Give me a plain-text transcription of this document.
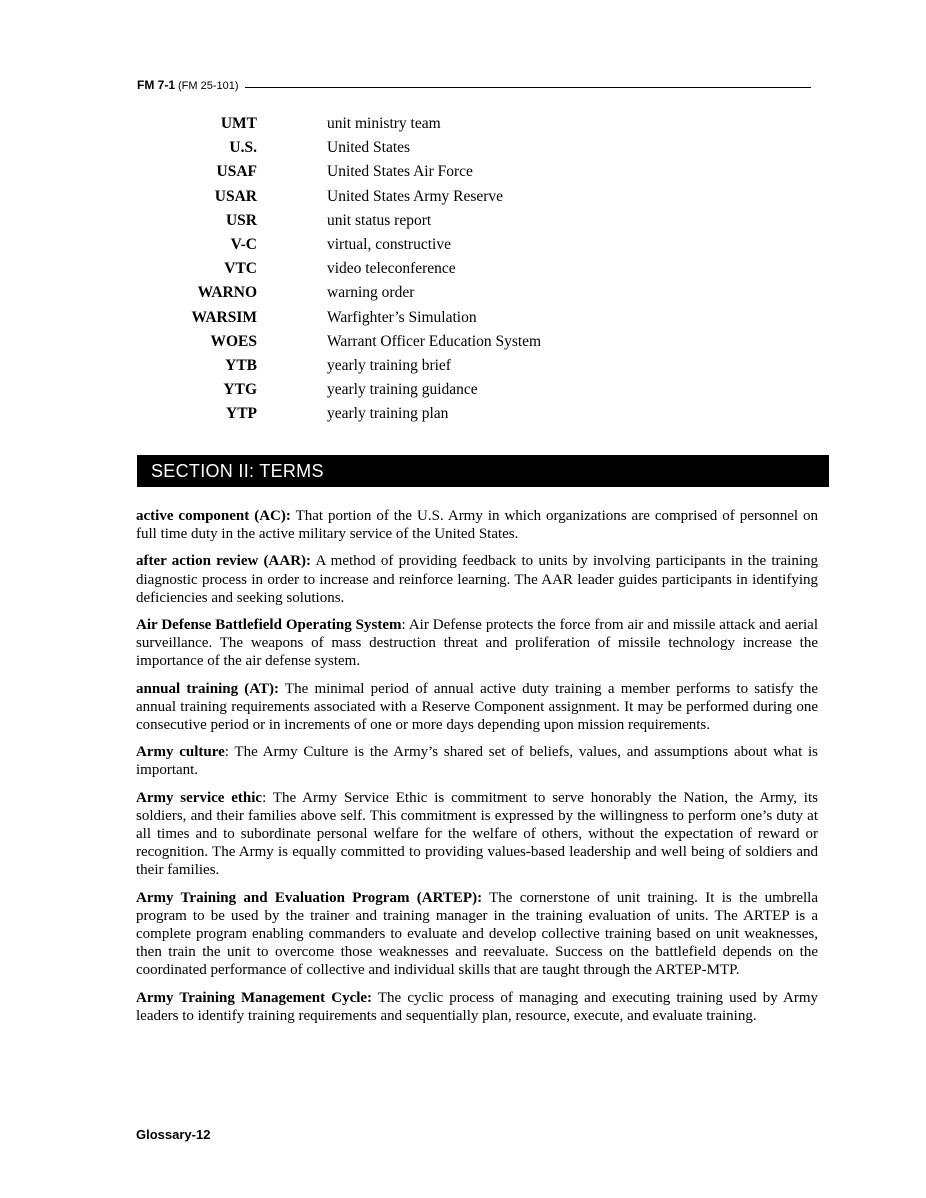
FM 7-1 (FM 25-101)
UMT	unit ministry team
U.S.	United States
USAF	United States Air Force
USAR	United States Army Reserve
USR	unit status report
V-C	virtual, constructive
VTC	video teleconference
WARNO	warning order
WARSIM	Warfighter’s Simulation
WOES	Warrant Officer Education System
YTB	yearly training brief
YTG	yearly training guidance
YTP	yearly training plan
SECTION II: TERMS

active component (AC): That portion of the U.S. Army in which organizations are comprised of personnel on full time duty in the active military service of the United States.

after action review (AAR): A method of providing feedback to units by involving participants in the training diagnostic process in order to increase and reinforce learning. The AAR leader guides participants in identifying deficiencies and seeking solutions.

Air Defense Battlefield Operating System: Air Defense protects the force from air and missile attack and aerial surveillance. The weapons of mass destruction threat and proliferation of missile technology increase the importance of the air defense system.

annual training (AT): The minimal period of annual active duty training a member performs to satisfy the annual training requirements associated with a Reserve Component assignment. It may be performed during one consecutive period or in increments of one or more days depending upon mission requirements.

Army culture: The Army Culture is the Army’s shared set of beliefs, values, and assumptions about what is important.

Army service ethic: The Army Service Ethic is commitment to serve honorably the Nation, the Army, its soldiers, and their families above self. This commitment is expressed by the willingness to perform one’s duty at all times and to subordinate personal welfare for the welfare of others, without the expectation of reward or recognition. The Army is equally committed to providing values-based leadership and well being of soldiers and their families.

Army Training and Evaluation Program (ARTEP): The cornerstone of unit training. It is the umbrella program to be used by the trainer and training manager in the training evaluation of units. The ARTEP is a complete program enabling commanders to evaluate and develop collective training based on unit weaknesses, then train the unit to overcome those weaknesses and reevaluate. Success on the battlefield depends on the coordinated performance of collective and individual skills that are taught through the ARTEP-MTP.

Army Training Management Cycle: The cyclic process of managing and executing training used by Army leaders to identify training requirements and sequentially plan, resource, execute, and evaluate training.

Glossary-12
